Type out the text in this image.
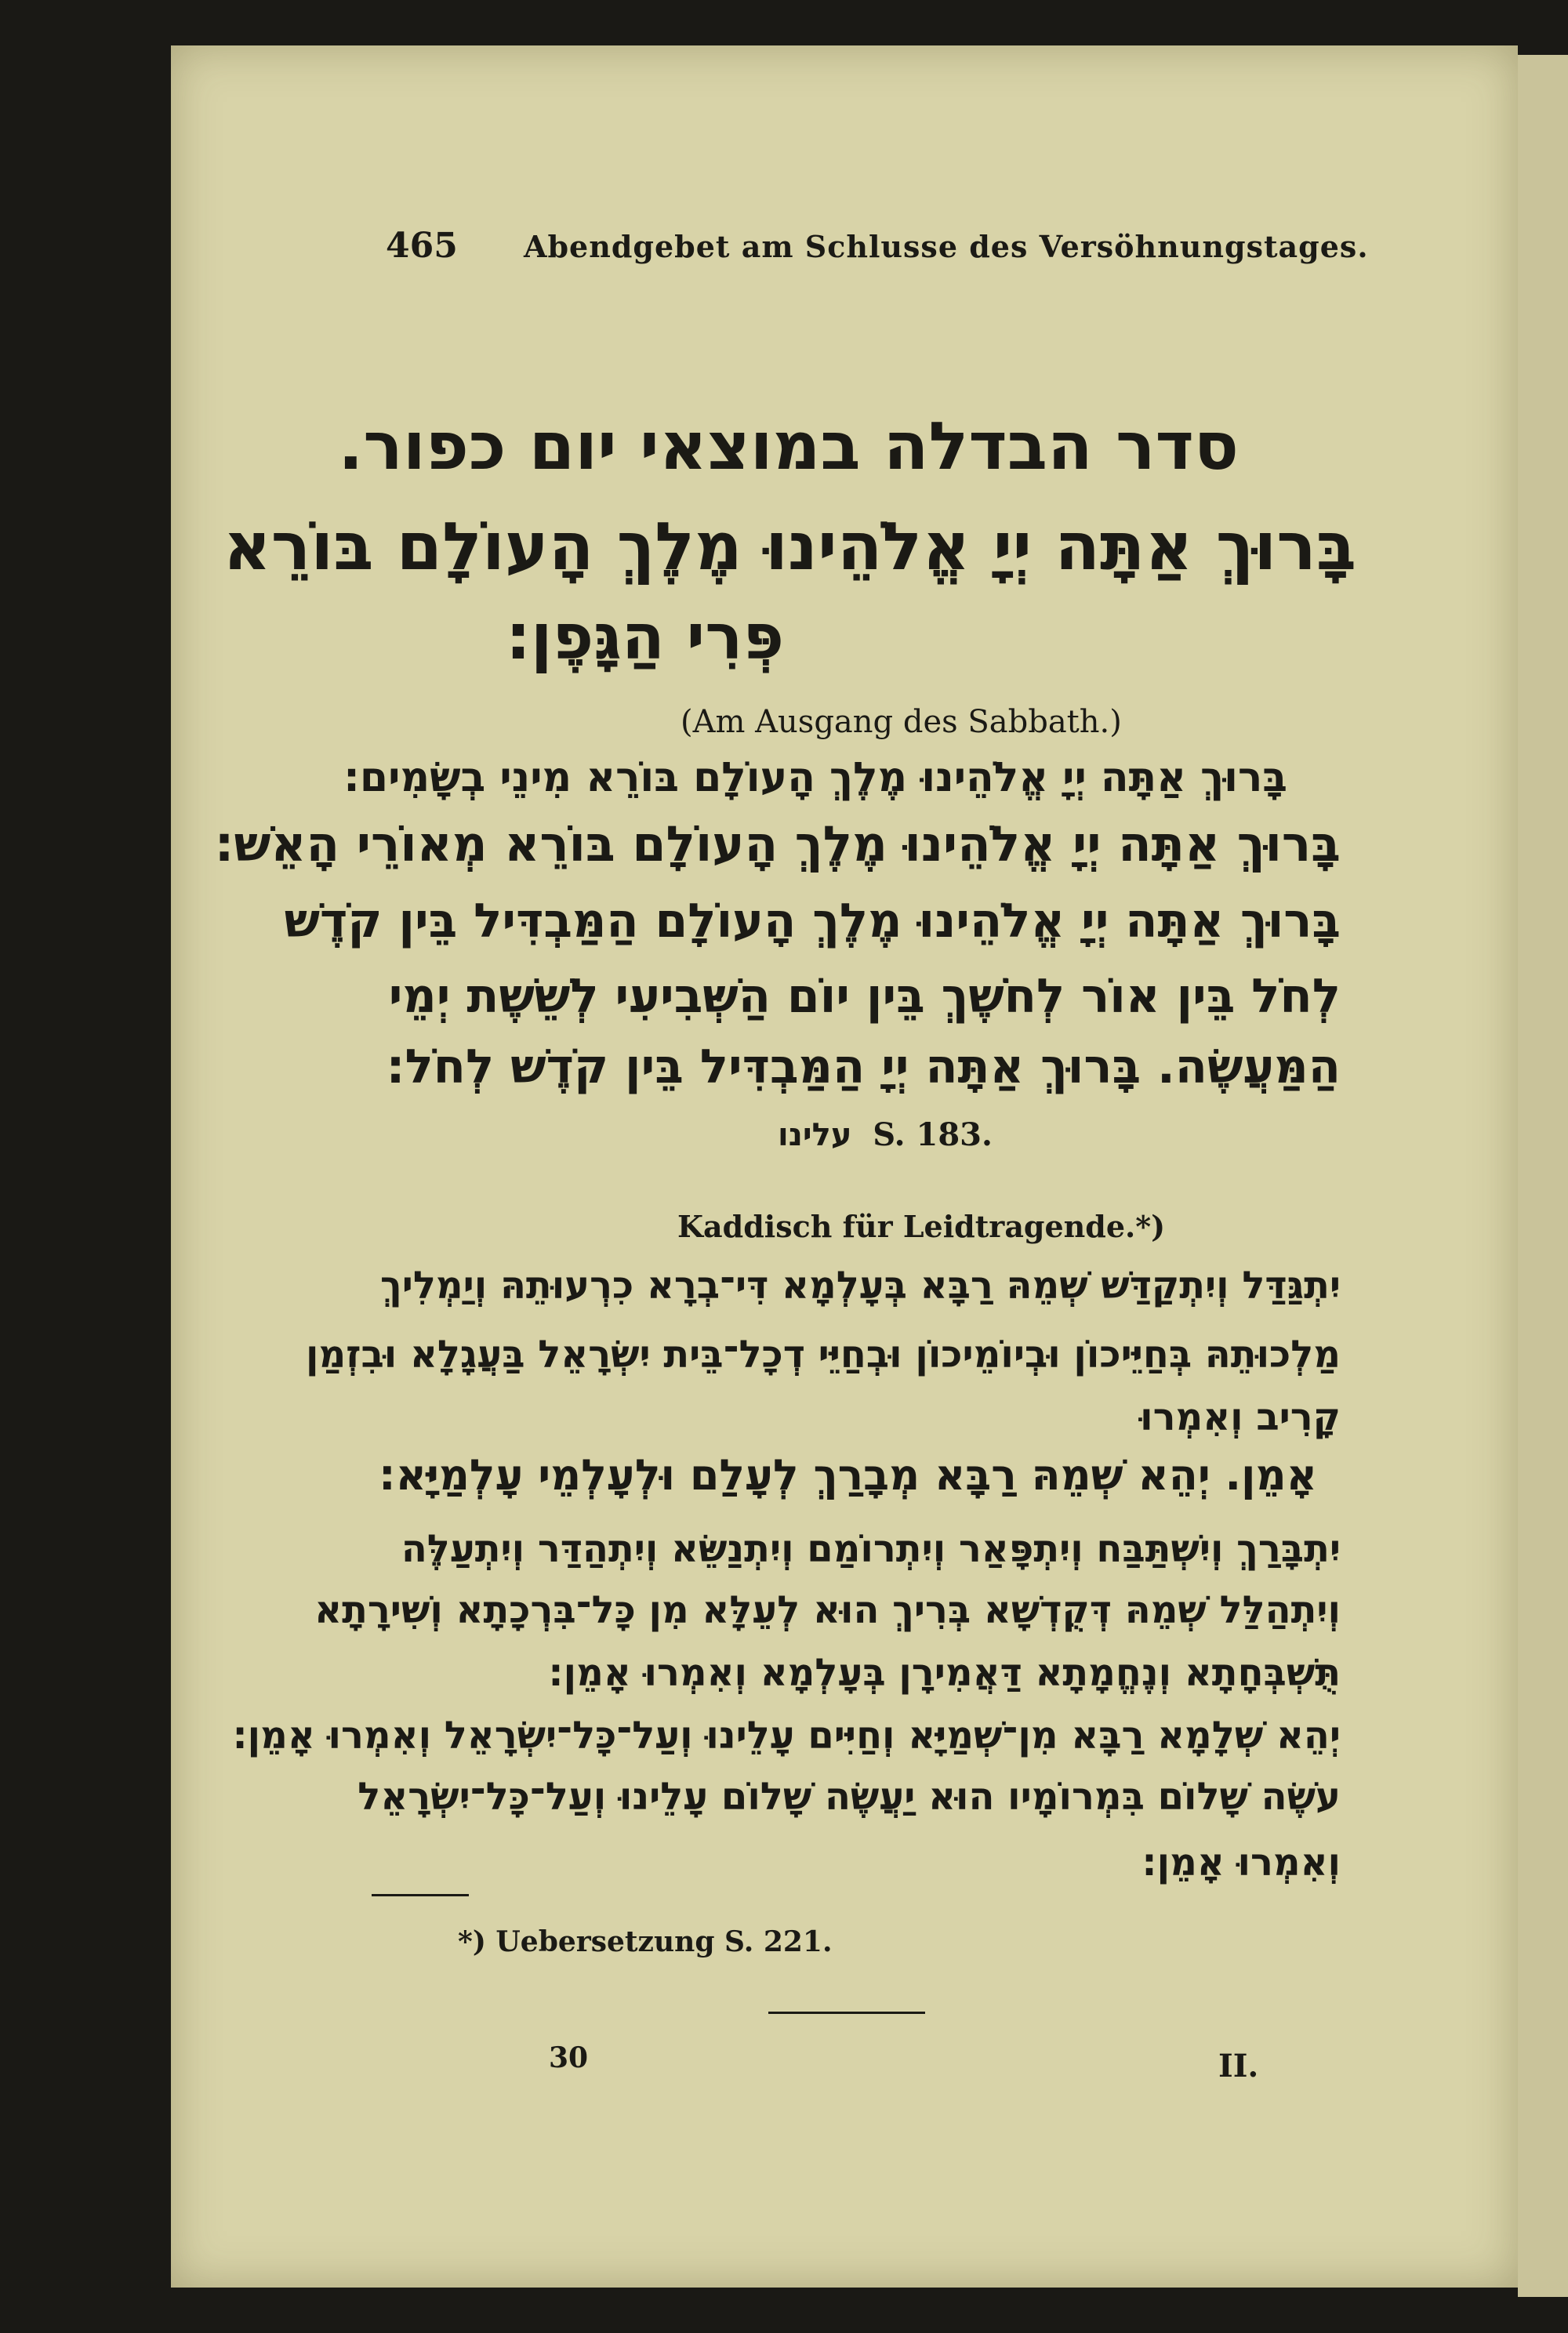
465 Abendgebet am Schlusse des Versöhnungstages.
סדר הבדלה במוצאי יום כפור.
בָּרוּךְ אַתָּה יְיָ אֱלֹהֵינוּ מֶלֶךְ הָעוֹלָם בּוֹרֵא
פְּרִי הַגָּפֶן:
(Am Ausgang des Sabbath.)
בָּרוּךְ אַתָּה יְיָ אֱלֹהֵינוּ מֶלֶךְ הָעוֹלָם בּוֹרֵא מִינֵי בְשָׂמִים:
בָּרוּךְ אַתָּה יְיָ אֱלֹהֵינוּ מֶלֶךְ הָעוֹלָם בּוֹרֵא מְאוֹרֵי הָאֵשׁ:
בָּרוּךְ אַתָּה יְיָ אֱלֹהֵינוּ מֶלֶךְ הָעוֹלָם הַמַּבְדִּיל בֵּין קֹדֶשׁ
לְחֹל בֵּין אוֹר לְחֹשֶׁךְ בֵּין יוֹם הַשְּׁבִיעִי לְשֵׁשֶׁת יְמֵי
הַמַּעֲשֶׂה. בָּרוּךְ אַתָּה יְיָ הַמַּבְדִּיל בֵּין קֹדֶשׁ לְחֹל:
עלינו S. 183.
Kaddisch für Leidtragende.*)
יִתְגַּדַּל וְיִתְקַדַּשׁ שְׁמֵהּ רַבָּא בְּעָלְמָא דִּי־בְרָא כִרְעוּתֵהּ וְיַמְלִיךְ
מַלְכוּתֵהּ בְּחַיֵּיכוֹן וּבְיוֹמֵיכוֹן וּבְחַיֵּי דְכָל־בֵּית יִשְׂרָאֵל בַּעֲגָלָא וּבִזְמַן
קָרִיב וְאִמְרוּ
אָמֵן. יְהֵא שְׁמֵהּ רַבָּא מְבָרַךְ לְעָלַם וּלְעָלְמֵי עָלְמַיָּא:
יִתְבָּרַךְ וְיִשְׁתַּבַּח וְיִתְפָּאַר וְיִתְרוֹמַם וְיִתְנַשֵּׂא וְיִתְהַדַּר וְיִתְעַלֶּה
וְיִתְהַלַּל שְׁמֵהּ דְּקֻדְשָׁא בְּרִיךְ הוּא לְעֵלָּא מִן כָּל־בִּרְכָתָא וְשִׁירָתָא
תֻּשְׁבְּחָתָא וְנֶחֱמָתָא דַּאֲמִירָן בְּעָלְמָא וְאִמְרוּ אָמֵן:
יְהֵא שְׁלָמָא רַבָּא מִן־שְׁמַיָּא וְחַיִּים עָלֵינוּ וְעַל־כָּל־יִשְׂרָאֵל וְאִמְרוּ אָמֵן:
עֹשֶׂה שָׁלוֹם בִּמְרוֹמָיו הוּא יַעֲשֶׂה שָׁלוֹם עָלֵינוּ וְעַל־כָּל־יִשְׂרָאֵל
וְאִמְרוּ אָמֵן:
*) Uebersetzung S. 221.
30	II.
